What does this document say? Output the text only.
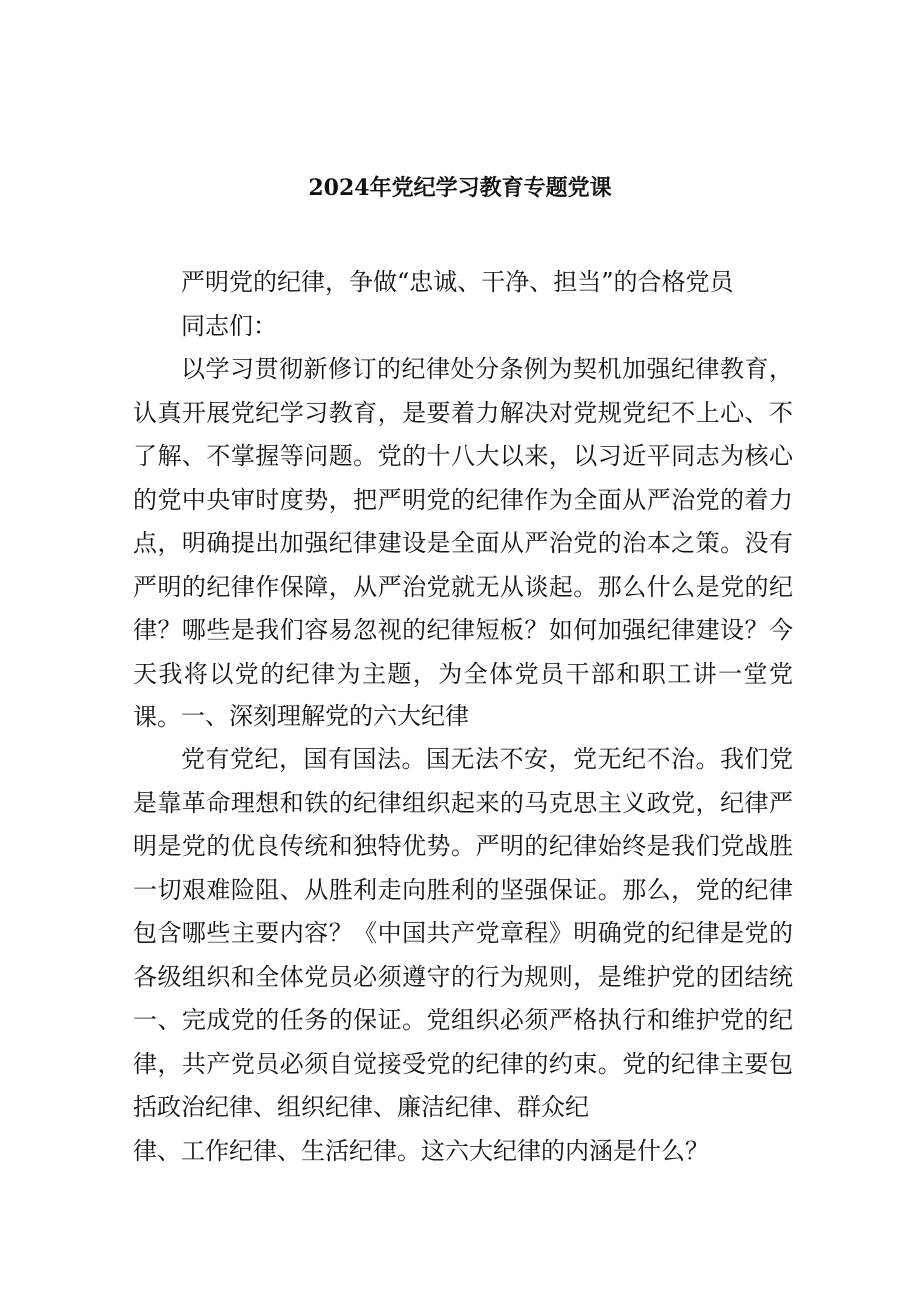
2024年党纪学习教育专题党课

严明党的纪律，争做“忠诚、干净、担当”的合格党员

同志们：

以学习贯彻新修订的纪律处分条例为契机加强纪律教育，认真开展党纪学习教育，是要着力解决对党规党纪不上心、不了解、不掌握等问题。党的十八大以来，以习近平同志为核心的党中央审时度势，把严明党的纪律作为全面从严治党的着力点，明确提出加强纪律建设是全面从严治党的治本之策。没有严明的纪律作保障，从严治党就无从谈起。那么什么是党的纪律？哪些是我们容易忽视的纪律短板？如何加强纪律建设？今天我将以党的纪律为主题，为全体党员干部和职工讲一堂党课。 一、深刻理解党的六大纪律

党有党纪，国有国法。国无法不安，党无纪不治。我们党是靠革命理想和铁的纪律组织起来的马克思主义政党，纪律严明是党的优良传统和独特优势。严明的纪律始终是我们党战胜一切艰难险阻、从胜利走向胜利的坚强保证。那么，党的纪律包含哪些主要内容？《中国共产党章程》明确党的纪律是党的各级组织和全体党员必须遵守的行为规则，是维护党的团结统一、完成党的任务的保证。党组织必须严格执行和维护党的纪律，共产党员必须自觉接受党的纪律的约束。党的纪律主要包括政治纪律、组织纪律、廉洁纪律、群众纪

律、工作纪律、生活纪律。这六大纪律的内涵是什么？
